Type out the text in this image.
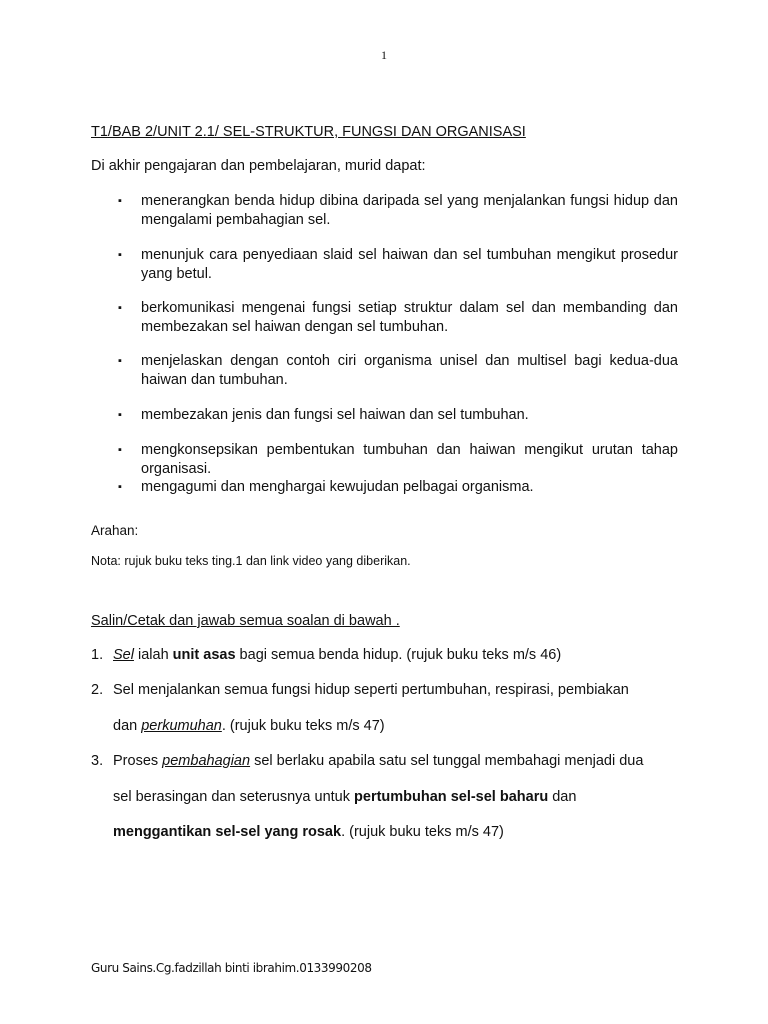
1
T1/BAB 2/UNIT 2.1/ SEL-STRUKTUR, FUNGSI DAN ORGANISASI
Di akhir pengajaran dan pembelajaran, murid dapat:
▪ menerangkan benda hidup dibina daripada sel yang menjalankan fungsi hidup dan mengalami pembahagian sel.
▪ menunjuk cara penyediaan slaid sel haiwan dan sel tumbuhan mengikut prosedur yang betul.
▪ berkomunikasi mengenai fungsi setiap struktur dalam sel dan membanding dan membezakan sel haiwan dengan sel tumbuhan.
▪ menjelaskan dengan contoh ciri organisma unisel dan multisel bagi kedua-dua haiwan dan tumbuhan.
▪ membezakan jenis dan fungsi sel haiwan dan sel tumbuhan.
▪ mengkonsepsikan pembentukan tumbuhan dan haiwan mengikut urutan tahap organisasi.
▪ mengagumi dan menghargai kewujudan pelbagai organisma.
Arahan:
Nota: rujuk buku teks ting.1 dan link video yang diberikan.
Salin/Cetak dan jawab semua soalan di bawah .
1. Sel ialah unit asas bagi semua benda hidup. (rujuk buku teks m/s 46)
2. Sel menjalankan semua fungsi hidup seperti pertumbuhan, respirasi, pembiakan
dan perkumuhan. (rujuk buku teks m/s 47)
3. Proses pembahagian sel berlaku apabila satu sel tunggal membahagi menjadi dua
sel berasingan dan seterusnya untuk pertumbuhan sel-sel baharu dan
menggantikan sel-sel yang rosak. (rujuk buku teks m/s 47)
Guru Sains.Cg.fadzillah binti ibrahim.0133990208
